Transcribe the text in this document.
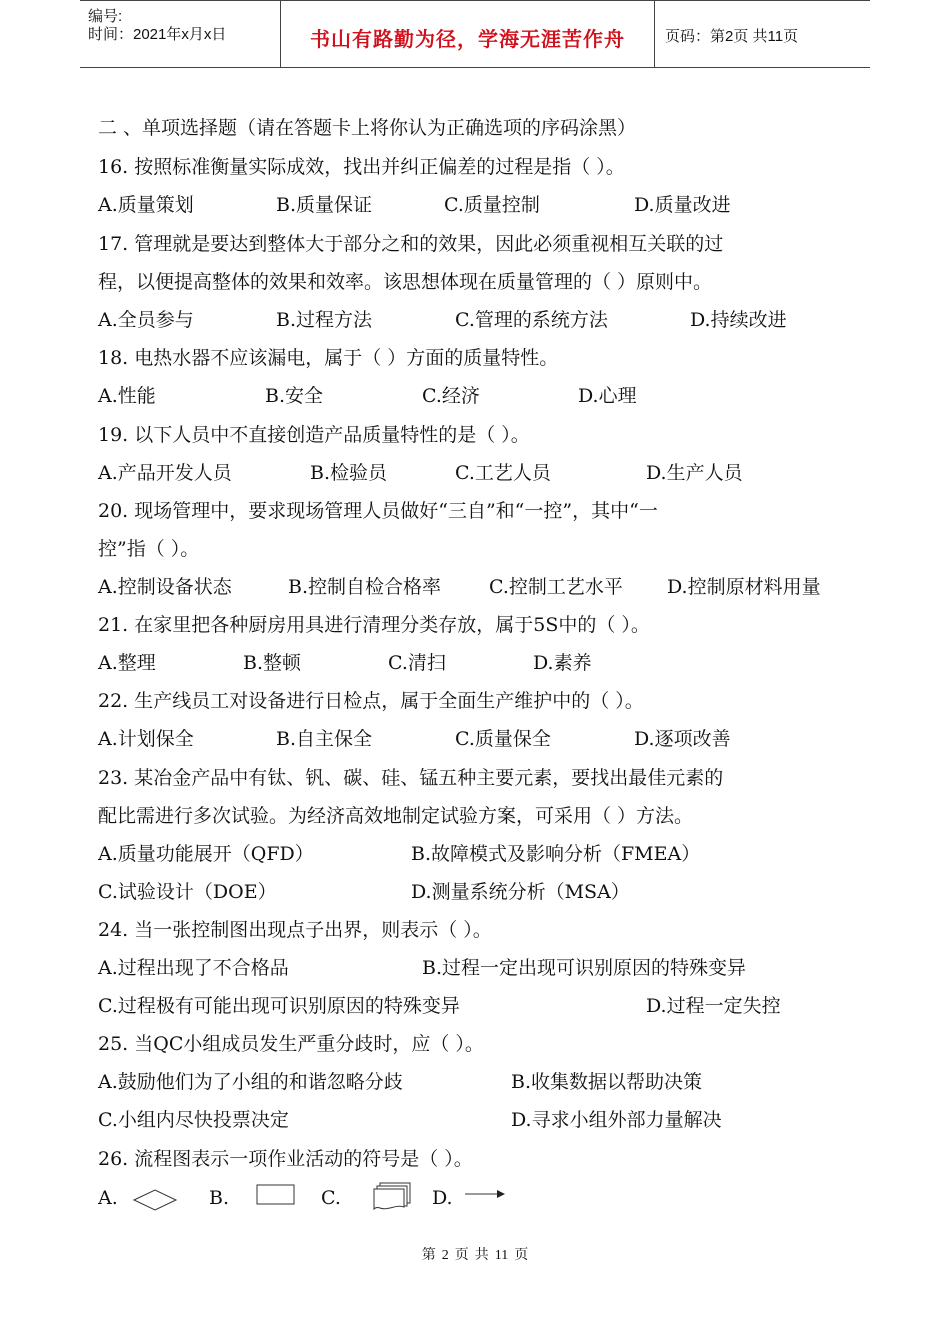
编号:
时间：2021年x月x日	书山有路勤为径，学海无涯苦作舟	页码：第2页 共11页
二 、单项选择题（请在答题卡上将你认为正确选项的序码涂黑）
16. 按照标准衡量实际成效，找出并纠正偏差的过程是指（ ）。
A.质量策划	B.质量保证	C.质量控制	D.质量改进
17. 管理就是要达到整体大于部分之和的效果，因此必须重视相互关联的过
程，以便提高整体的效果和效率。该思想体现在质量管理的（ ）原则中。
A.全员参与	B.过程方法	C.管理的系统方法	D.持续改进
18. 电热水器不应该漏电，属于（ ）方面的质量特性。
A.性能	B.安全	C.经济	D.心理
19. 以下人员中不直接创造产品质量特性的是（ ）。
A.产品开发人员	B.检验员	C.工艺人员	D.生产人员
20. 现场管理中，要求现场管理人员做好“三自”和“一控”，其中“一
控”指（ ）。
A.控制设备状态	B.控制自检合格率	C.控制工艺水平 D.控制原材料用量
21. 在家里把各种厨房用具进行清理分类存放，属于5S中的（ ）。
A.整理	B.整顿	C.清扫	D.素养
22. 生产线员工对设备进行日检点，属于全面生产维护中的（ ）。
A.计划保全	B.自主保全	C.质量保全	D.逐项改善
23. 某冶金产品中有钛、钒、碳、硅、锰五种主要元素，要找出最佳元素的
配比需进行多次试验。为经济高效地制定试验方案，可采用（ ）方法。
A.质量功能展开（QFD）	B.故障模式及影响分析（FMEA）
C.试验设计（DOE）	D.测量系统分析（MSA）
24. 当一张控制图出现点子出界，则表示（ ）。
A.过程出现了不合格品	B.过程一定出现可识别原因的特殊变异
C.过程极有可能出现可识别原因的特殊变异	D.过程一定失控
25. 当QC小组成员发生严重分歧时，应（ ）。
A.鼓励他们为了小组的和谐忽略分歧	B.收集数据以帮助决策
C.小组内尽快投票决定	D.寻求小组外部力量解决
26. 流程图表示一项作业活动的符号是（ ）。
A.	B.	C.	D.
第 2 页 共 11 页
